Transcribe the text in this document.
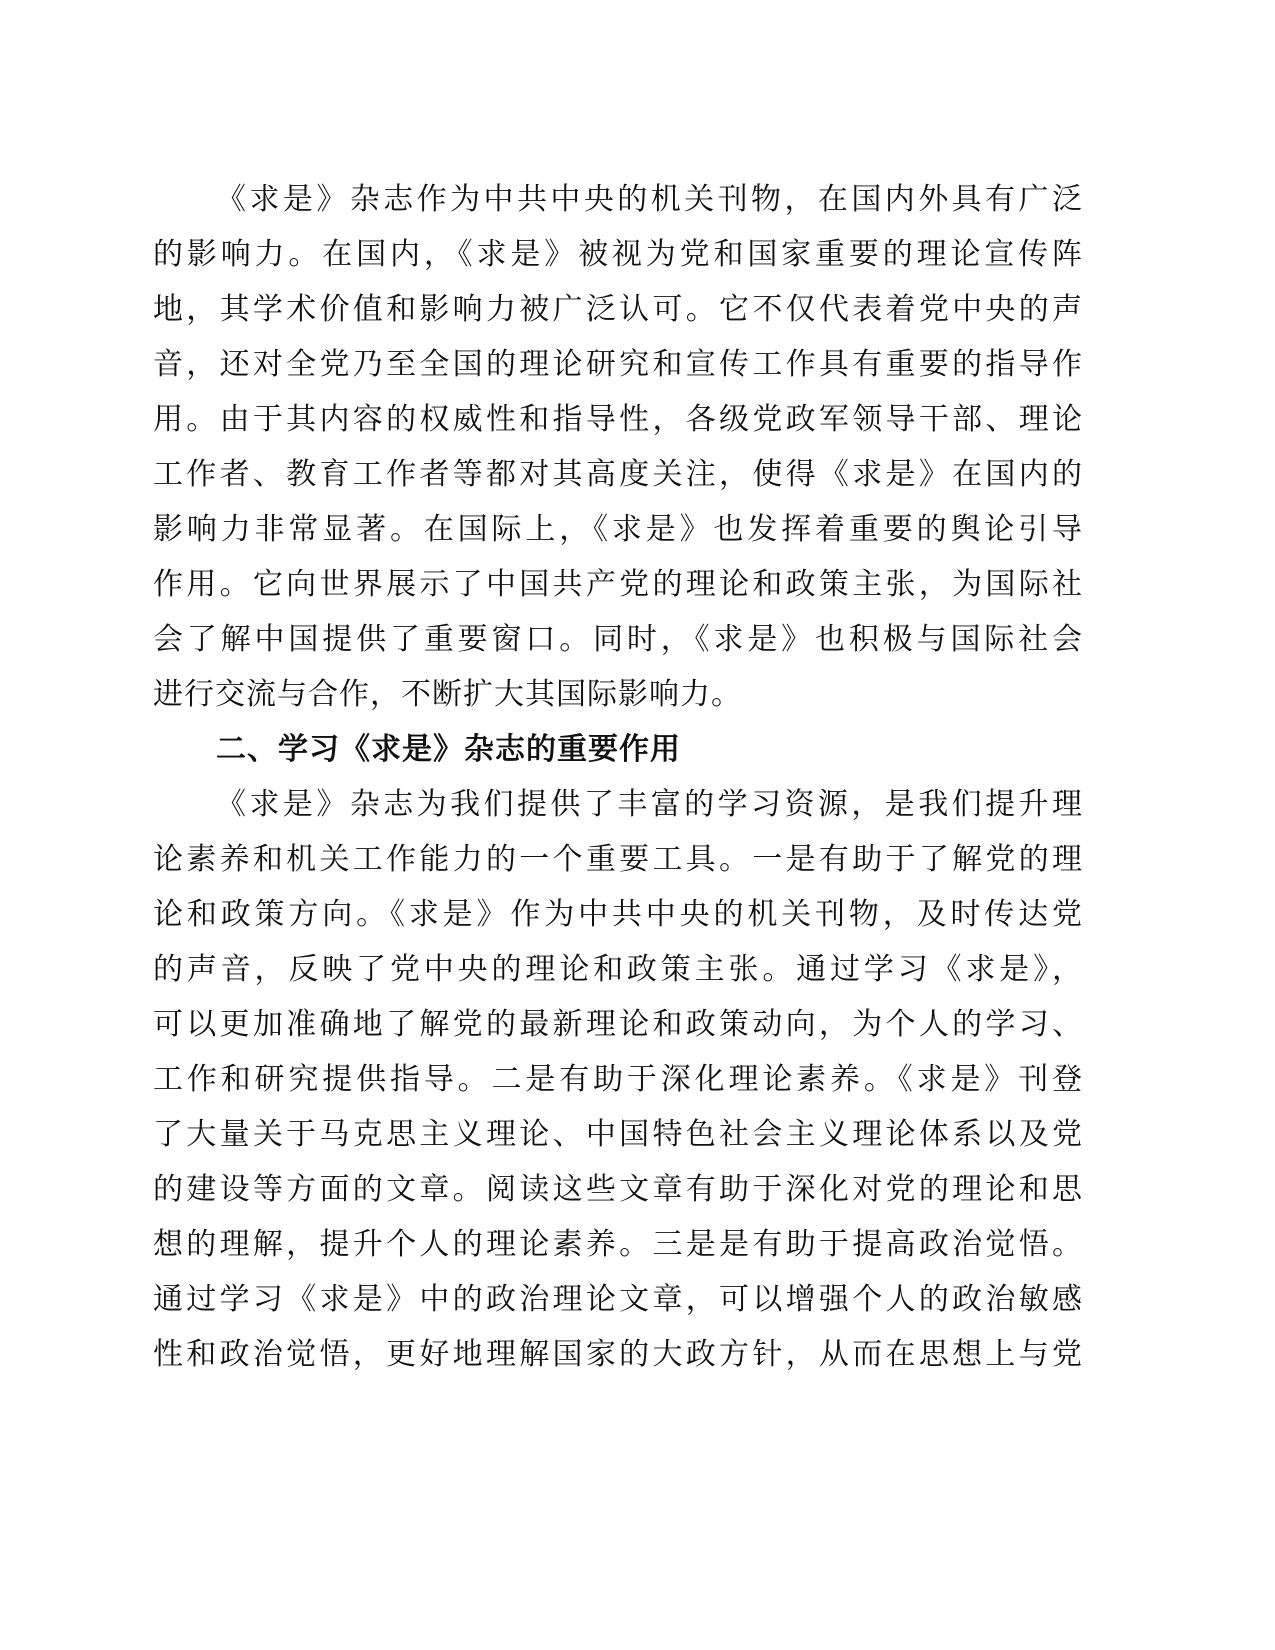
《求是》杂志作为中共中央的机关刊物，在国内外具有广泛

的影响力。在国内，《求是》被视为党和国家重要的理论宣传阵

地，其学术价值和影响力被广泛认可。它不仅代表着党中央的声

音，还对全党乃至全国的理论研究和宣传工作具有重要的指导作

用。由于其内容的权威性和指导性，各级党政军领导干部、理论

工作者、教育工作者等都对其高度关注，使得《求是》在国内的

影响力非常显著。在国际上，《求是》也发挥着重要的舆论引导

作用。它向世界展示了中国共产党的理论和政策主张，为国际社

会了解中国提供了重要窗口。同时，《求是》也积极与国际社会

进行交流与合作，不断扩大其国际影响力。

二、学习《求是》杂志的重要作用

《求是》杂志为我们提供了丰富的学习资源，是我们提升理

论素养和机关工作能力的一个重要工具。一是有助于了解党的理

论和政策方向。《求是》作为中共中央的机关刊物，及时传达党

的声音，反映了党中央的理论和政策主张。通过学习《求是》，

可以更加准确地了解党的最新理论和政策动向，为个人的学习、

工作和研究提供指导。二是有助于深化理论素养。《求是》刊登

了大量关于马克思主义理论、中国特色社会主义理论体系以及党

的建设等方面的文章。阅读这些文章有助于深化对党的理论和思

想的理解，提升个人的理论素养。三是是有助于提高政治觉悟。

通过学习《求是》中的政治理论文章，可以增强个人的政治敏感

性和政治觉悟，更好地理解国家的大政方针，从而在思想上与党
